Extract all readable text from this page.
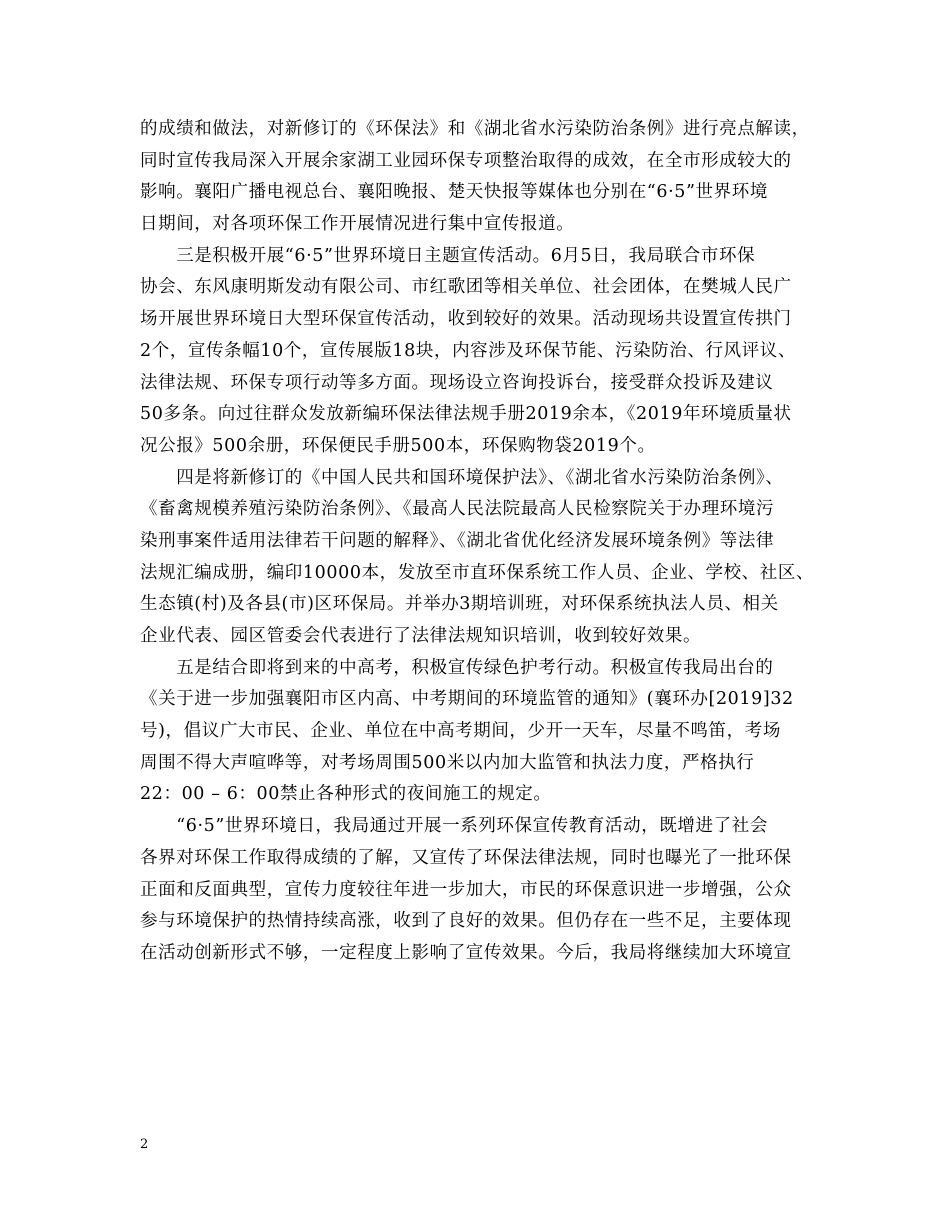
的成绩和做法，对新修订的《环保法》和《湖北省水污染防治条例》进行亮点解读，
同时宣传我局深入开展余家湖工业园环保专项整治取得的成效，在全市形成较大的
影响。襄阳广播电视总台、襄阳晚报、楚天快报等媒体也分别在“6·5”世界环境
日期间，对各项环保工作开展情况进行集中宣传报道。
　　三是积极开展“6·5”世界环境日主题宣传活动。6月5日，我局联合市环保
协会、东风康明斯发动有限公司、市红歌团等相关单位、社会团体，在樊城人民广
场开展世界环境日大型环保宣传活动，收到较好的效果。活动现场共设置宣传拱门
2个，宣传条幅10个，宣传展版18块，内容涉及环保节能、污染防治、行风评议、
法律法规、环保专项行动等多方面。现场设立咨询投诉台，接受群众投诉及建议
50多条。向过往群众发放新编环保法律法规手册2019余本，《2019年环境质量状
况公报》500余册，环保便民手册500本，环保购物袋2019个。
　　四是将新修订的《中国人民共和国环境保护法》、《湖北省水污染防治条例》、
《畜禽规模养殖污染防治条例》、《最高人民法院最高人民检察院关于办理环境污
染刑事案件适用法律若干问题的解释》、《湖北省优化经济发展环境条例》等法律
法规汇编成册，编印10000本，发放至市直环保系统工作人员、企业、学校、社区、
生态镇(村)及各县(市)区环保局。并举办3期培训班，对环保系统执法人员、相关
企业代表、园区管委会代表进行了法律法规知识培训，收到较好效果。
　　五是结合即将到来的中高考，积极宣传绿色护考行动。积极宣传我局出台的
《关于进一步加强襄阳市区内高、中考期间的环境监管的通知》(襄环办[2019]32
号)，倡议广大市民、企业、单位在中高考期间，少开一天车，尽量不鸣笛，考场
周围不得大声喧哗等，对考场周围500米以内加大监管和执法力度，严格执行
22：00 – 6：00禁止各种形式的夜间施工的规定。
　　“6·5”世界环境日，我局通过开展一系列环保宣传教育活动，既增进了社会
各界对环保工作取得成绩的了解，又宣传了环保法律法规，同时也曝光了一批环保
正面和反面典型，宣传力度较往年进一步加大，市民的环保意识进一步增强，公众
参与环境保护的热情持续高涨，收到了良好的效果。但仍存在一些不足，主要体现
在活动创新形式不够，一定程度上影响了宣传效果。今后，我局将继续加大环境宣
2
